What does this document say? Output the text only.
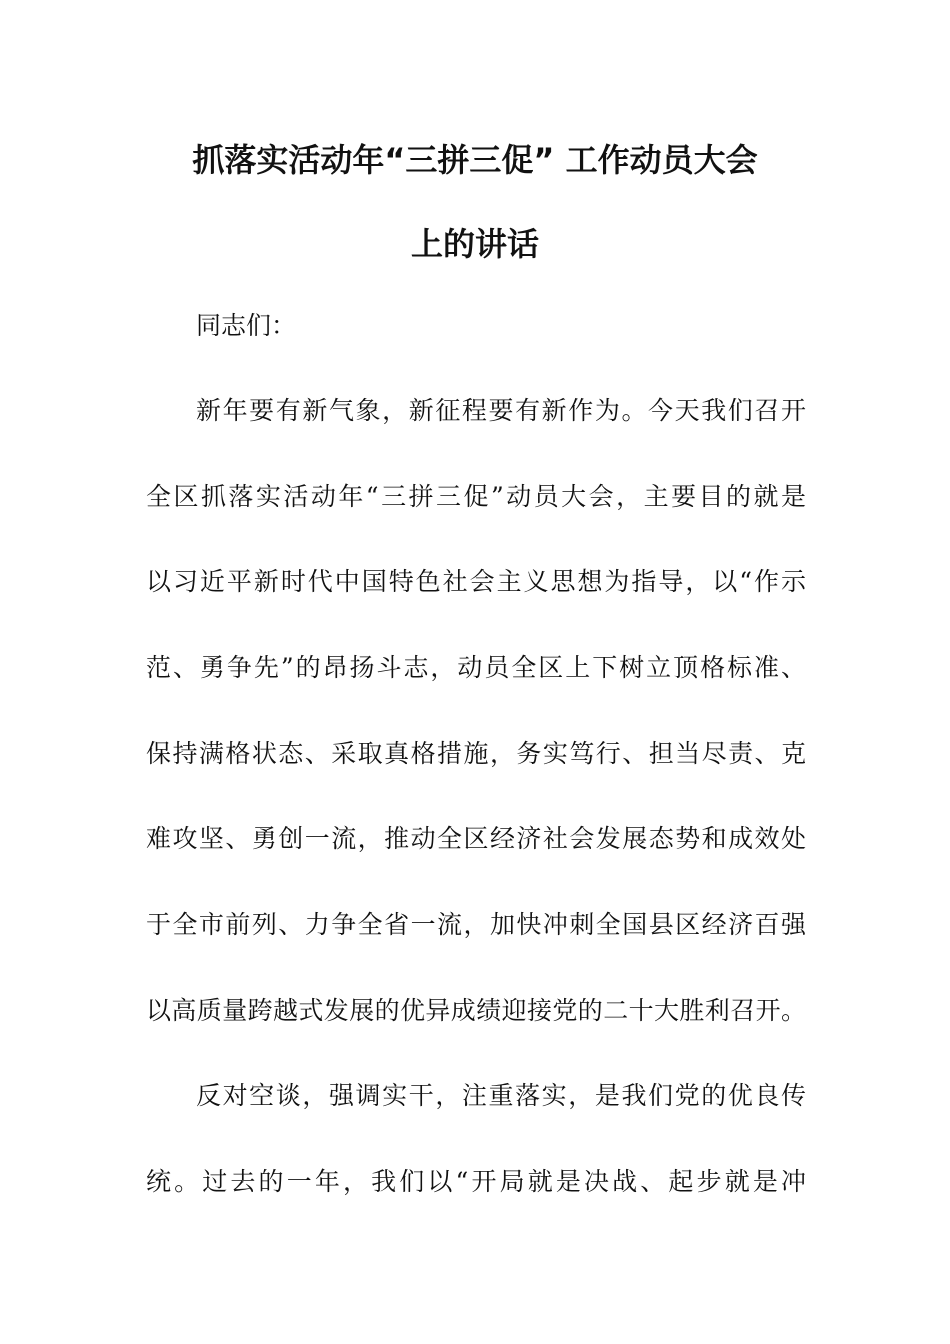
抓落实活动年“三拼三促” 工作动员大会
上的讲话
同志们：
新年要有新气象，新征程要有新作为。今天我们召开
全区抓落实活动年“三拼三促”动员大会，主要目的就是
以习近平新时代中国特色社会主义思想为指导，以“作示
范、勇争先”的昂扬斗志，动员全区上下树立顶格标准、
保持满格状态、采取真格措施，务实笃行、担当尽责、克
难攻坚、勇创一流，推动全区经济社会发展态势和成效处
于全市前列、力争全省一流，加快冲刺全国县区经济百强
以高质量跨越式发展的优异成绩迎接党的二十大胜利召开。
反对空谈，强调实干，注重落实，是我们党的优良传
统。过去的一年，我们以“开局就是决战、起步就是冲
